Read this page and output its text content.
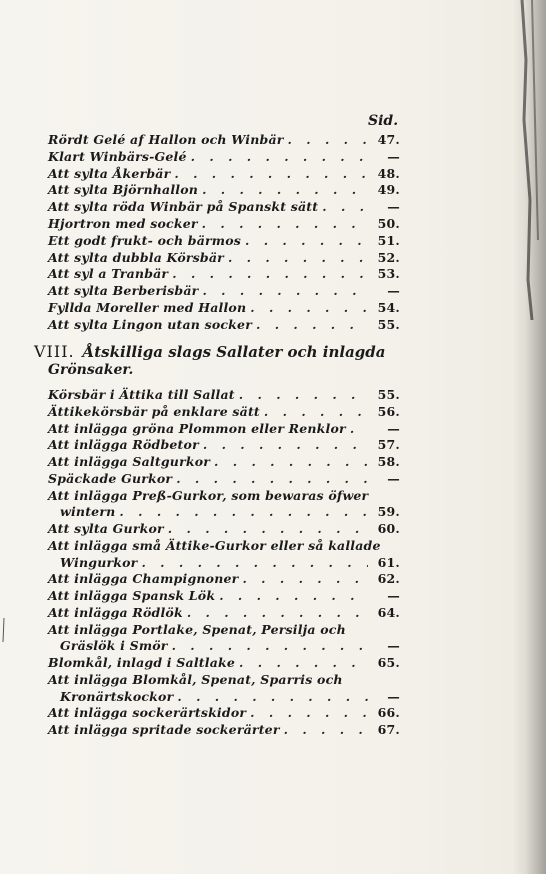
Sid.
Rördt Gelé af Hallon och Winbär . . .	47.
Klart Winbärs-Gelé . . .	—
Att sylta Åkerbär . . .	48.
Att sylta Björnhallon . . .	49.
Att sylta röda Winbär på Spanskt sätt . . .	—
Hjortron med socker . . .	50.
Ett godt frukt- och bärmos . . .	51.
Att sylta dubbla Körsbär . . .	52.
Att syl a Tranbär . . .	53.
Att sylta Berberisbär . . .	—
Fyllda Moreller med Hallon . . .	54.
Att sylta Lingon utan socker . . .	55.
VIII. Åtskilliga slags Sallater och inlagda
Grönsaker.
Körsbär i Ättika till Sallat . . .	55.
Ättikekörsbär på enklare sätt . . .	56.
Att inlägga gröna Plommon eller Renklor . . .	—
Att inlägga Rödbetor . . .	57.
Att inlägga Saltgurkor . . .	58.
Späckade Gurkor . . .	—
Att inlägga Preß-Gurkor, som bewaras öfwer
wintern . . .	59.
Att sylta Gurkor . . .	60.
Att inlägga små Ättike-Gurkor eller så kallade
Wingurkor . . .	61.
Att inlägga Champignoner . . .	62.
Att inlägga Spansk Lök . . .	—
Att inlägga Rödlök . . .	64.
Att inlägga Portlake, Spenat, Persilja och
Gräslök i Smör . . .	—
Blomkål, inlagd i Saltlake . . .	65.
Att inlägga Blomkål, Spenat, Sparris och
Kronärtskockor . . .	—
Att inlägga sockerärtskidor . . .	66.
Att inlägga spritade sockerärter . . .	67.
